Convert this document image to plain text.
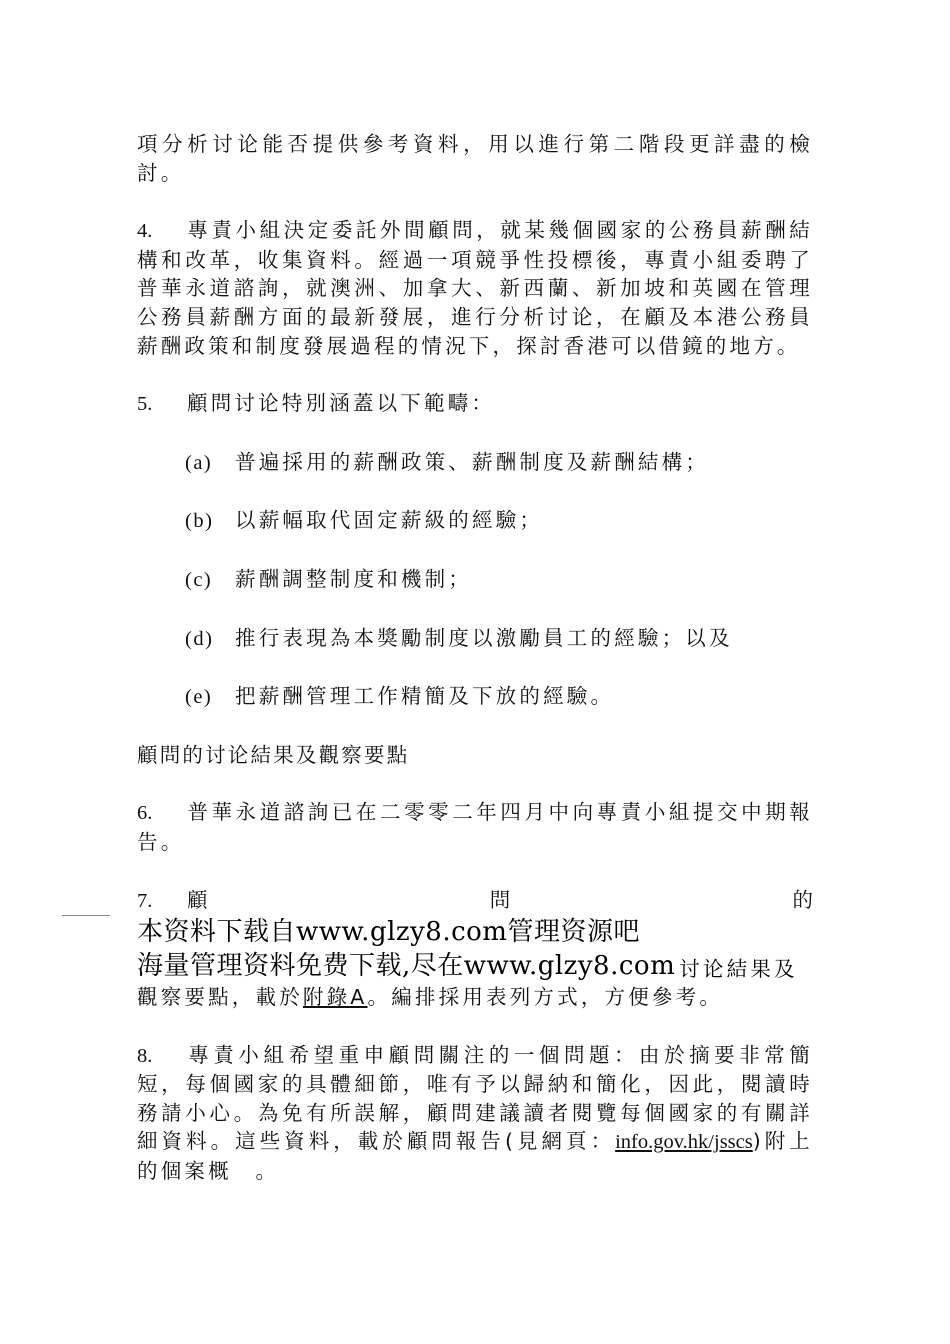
項分析讨论能否提供參考資料，用以進行第二階段更詳盡的檢討。

4. 專責小組決定委託外間顧問，就某幾個國家的公務員薪酬結構和改革，收集資料。經過一項競爭性投標後，專責小組委聘了普華永道諮詢，就澳洲、加拿大、新西蘭、新加坡和英國在管理公務員薪酬方面的最新發展，進行分析讨论，在顧及本港公務員薪酬政策和制度發展過程的情況下，探討香港可以借鏡的地方。

5. 顧問讨论特別涵蓋以下範疇：

(a) 普遍採用的薪酬政策、薪酬制度及薪酬結構；
(b) 以薪幅取代固定薪級的經驗；
(c) 薪酬調整制度和機制；
(d) 推行表現為本獎勵制度以激勵員工的經驗；以及
(e) 把薪酬管理工作精簡及下放的經驗。
顧問的讨论結果及觀察要點

6. 普華永道諮詢已在二零零二年四月中向專責小組提交中期報告。

7. 顧	問	的
本资料下载自www.glzy8.com管理资源吧
海量管理资料免费下载,尽在www.glzy8.com 讨论結果及

觀察要點，載於附錄A。編排採用表列方式，方便參考。

8. 專責小組希望重申顧問關注的一個問題：由於摘要非常簡短，每個國家的具體細節，唯有予以歸納和簡化，因此，閱讀時務請小心。為免有所誤解，顧問建議讀者閱覽每個國家的有關詳細資料。這些資料，載於顧問報告(見網頁：info.gov.hk/jsscs)附上的個案概　。
